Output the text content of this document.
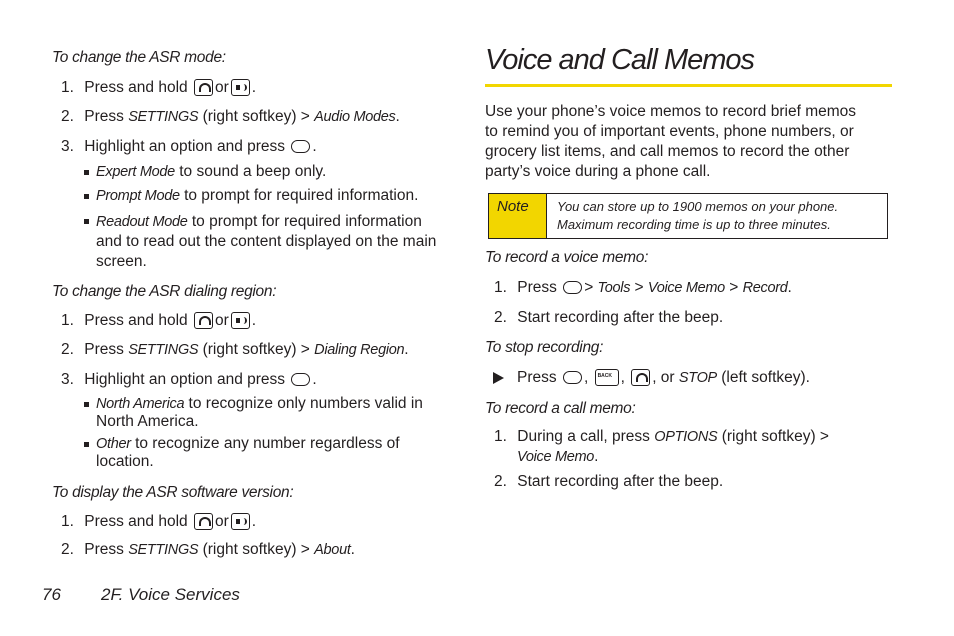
To change the ASR mode:
1. Press and hold or .
2. Press SETTINGS (right softkey) > Audio Modes.
3. Highlight an option and press .
Expert Mode to sound a beep only.
Prompt Mode to prompt for required information.
Readout Mode to prompt for required information
and to read out the content displayed on the main
screen.
To change the ASR dialing region:
1. Press and hold or .
2. Press SETTINGS (right softkey) > Dialing Region.
3. Highlight an option and press .
North America to recognize only numbers valid in
North America.
Other to recognize any number regardless of
location.
To display the ASR software version:
1. Press and hold or .
2. Press SETTINGS (right softkey) > About.
76 2F. Voice Services
Voice and Call Memos
Use your phone’s voice memos to record brief memos
to remind you of important events, phone numbers, or
grocery list items, and call memos to record the other
party’s voice during a phone call.
Note You can store up to 1900 memos on your phone.
Maximum recording time is up to three minutes.
To record a voice memo:
1. Press > Tools > Voice Memo > Record.
2. Start recording after the beep.
To stop recording:
Press , BACK , , or STOP (left softkey).
To record a call memo:
1. During a call, press OPTIONS (right softkey) >
Voice Memo.
2. Start recording after the beep.
